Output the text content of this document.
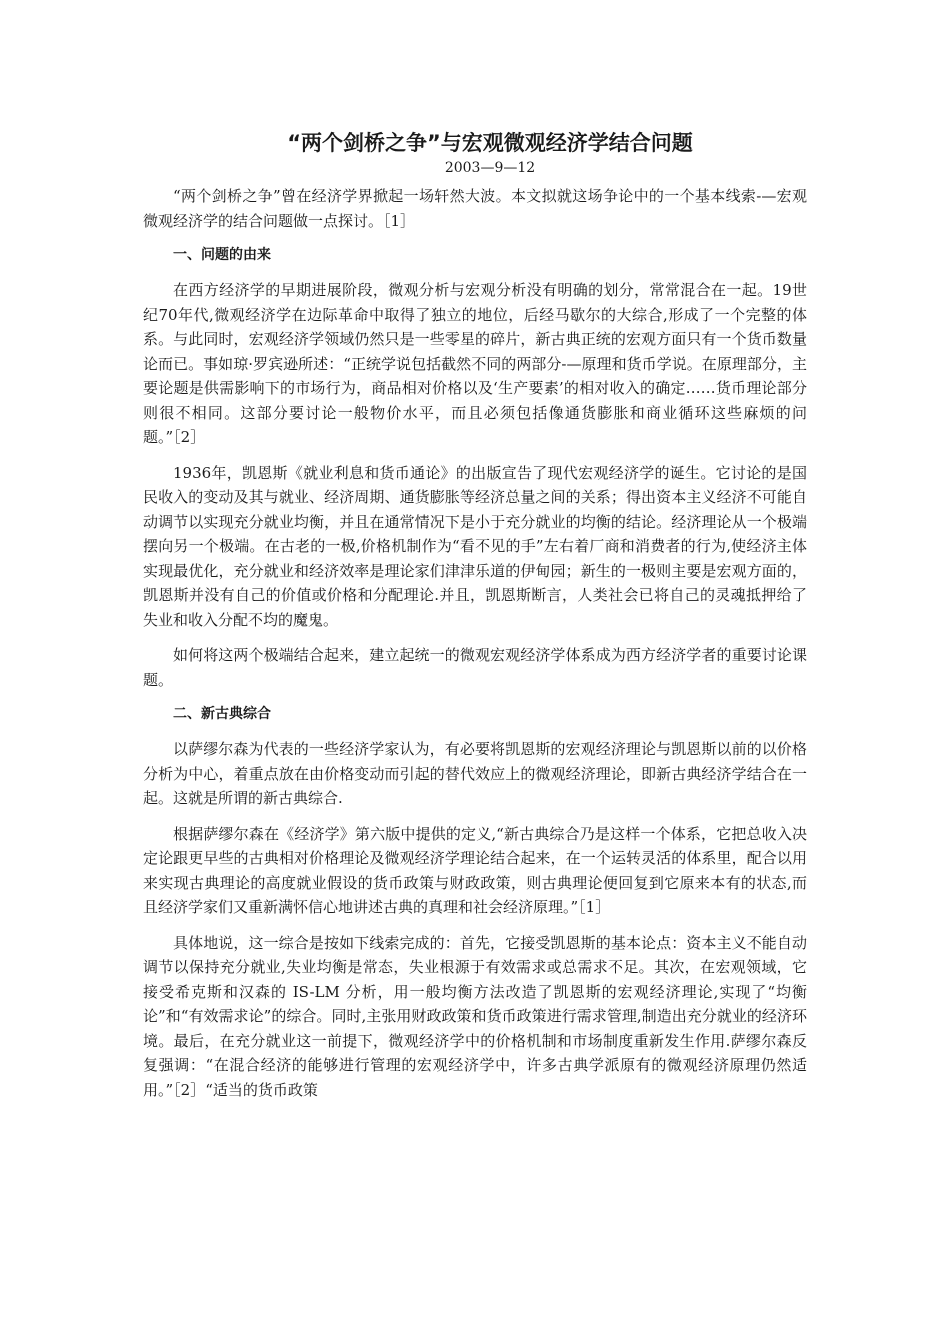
“两个剑桥之争”与宏观微观经济学结合问题
2003—9—12

“两个剑桥之争”曾在经济学界掀起一场轩然大波。本文拟就这场争论中的一个基本线索-—宏观微观经济学的结合问题做一点探讨。［1］

一、问题的由来

在西方经济学的早期进展阶段，微观分析与宏观分析没有明确的划分，常常混合在一起。19世纪70年代,微观经济学在边际革命中取得了独立的地位，后经马歇尔的大综合,形成了一个完整的体系。与此同时，宏观经济学领域仍然只是一些零星的碎片，新古典正统的宏观方面只有一个货币数量论而已。事如琼·罗宾逊所述：“正统学说包括截然不同的两部分-—原理和货币学说。在原理部分，主要论题是供需影响下的市场行为，商品相对价格以及‘生产要素’的相对收入的确定……货币理论部分则很不相同。这部分要讨论一般物价水平，而且必须包括像通货膨胀和商业循环这些麻烦的问题。”［2］

1936年，凯恩斯《就业利息和货币通论》的出版宣告了现代宏观经济学的诞生。它讨论的是国民收入的变动及其与就业、经济周期、通货膨胀等经济总量之间的关系；得出资本主义经济不可能自动调节以实现充分就业均衡，并且在通常情况下是小于充分就业的均衡的结论。经济理论从一个极端摆向另一个极端。在古老的一极,价格机制作为“看不见的手”左右着厂商和消费者的行为,使经济主体实现最优化，充分就业和经济效率是理论家们津津乐道的伊甸园；新生的一极则主要是宏观方面的，凯恩斯并没有自己的价值或价格和分配理论.并且，凯恩斯断言，人类社会已将自己的灵魂抵押给了失业和收入分配不均的魔鬼。

如何将这两个极端结合起来，建立起统一的微观宏观经济学体系成为西方经济学者的重要讨论课题。

二、新古典综合

以萨缪尔森为代表的一些经济学家认为，有必要将凯恩斯的宏观经济理论与凯恩斯以前的以价格分析为中心，着重点放在由价格变动而引起的替代效应上的微观经济理论，即新古典经济学结合在一起。这就是所谓的新古典综合.

根据萨缪尔森在《经济学》第六版中提供的定义,“新古典综合乃是这样一个体系，它把总收入决定论跟更早些的古典相对价格理论及微观经济学理论结合起来，在一个运转灵活的体系里，配合以用来实现古典理论的高度就业假设的货币政策与财政政策，则古典理论便回复到它原来本有的状态,而且经济学家们又重新满怀信心地讲述古典的真理和社会经济原理。”［1］

具体地说，这一综合是按如下线索完成的：首先，它接受凯恩斯的基本论点：资本主义不能自动调节以保持充分就业,失业均衡是常态，失业根源于有效需求或总需求不足。其次，在宏观领域，它接受希克斯和汉森的 IS-LM 分析，用一般均衡方法改造了凯恩斯的宏观经济理论,实现了“均衡论”和“有效需求论”的综合。同时,主张用财政政策和货币政策进行需求管理,制造出充分就业的经济环境。最后，在充分就业这一前提下，微观经济学中的价格机制和市场制度重新发生作用.萨缪尔森反复强调：“在混合经济的能够进行管理的宏观经济学中，许多古典学派原有的微观经济原理仍然适用。”［2］“适当的货币政策
